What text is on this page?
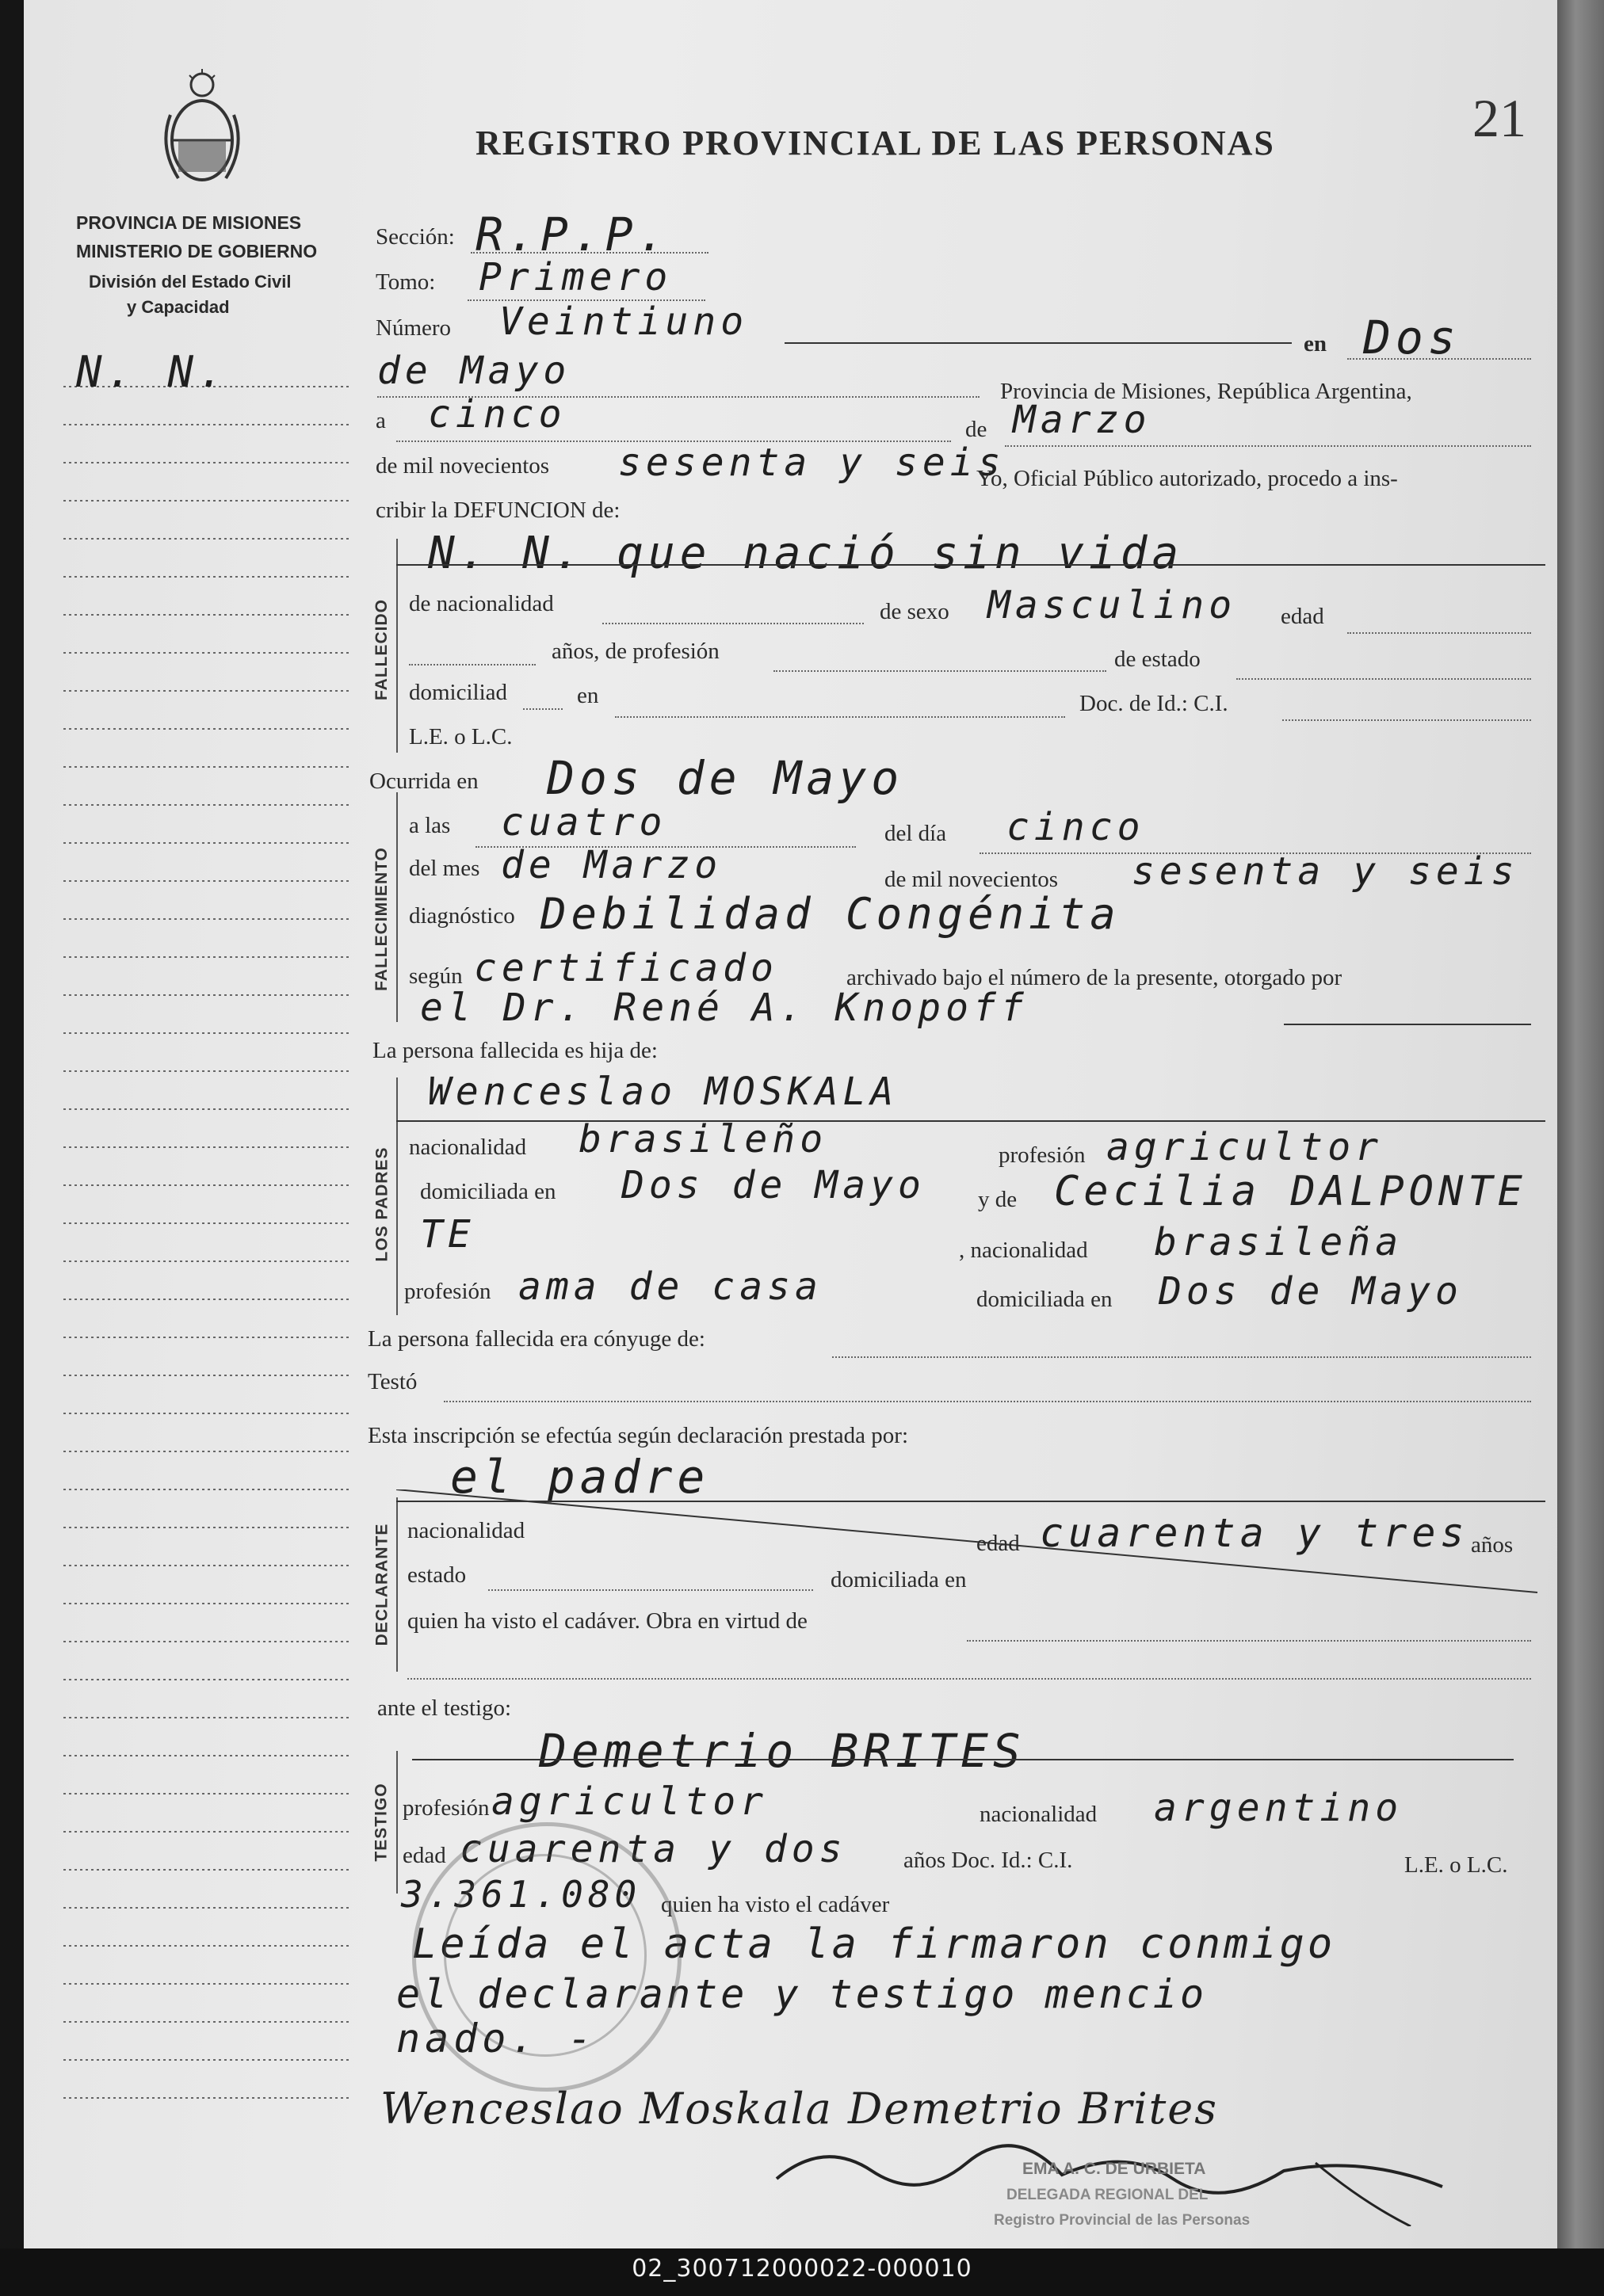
21
REGISTRO PROVINCIAL DE LAS PERSONAS
PROVINCIA DE MISIONES
MINISTERIO DE GOBIERNO
División del Estado Civil
y Capacidad
N. N.
Sección: R.P.P.
Tomo: Primero
Número Veintiuno	en Dos
de Mayo	Provincia de Misiones, República Argentina,
a cinco	de Marzo
de mil novecientos sesenta y seis
Yo, Oficial Público autorizado, procedo a ins-
cribir la DEFUNCION de:
FALLECIDO
N. N. que nació sin vida
de nacionalidad	de sexo Masculino edad
años, de profesión	de estado
domiciliad	en	Doc. de Id.: C.I.
L.E. o L.C.
Ocurrida en Dos de Mayo
FALLECIMIENTO
a las cuatro	del día cinco
del mes de Marzo	de mil novecientos sesenta y seis
diagnóstico Debilidad Congénita
según certificado	archivado bajo el número de la presente, otorgado por
el Dr. René A. Knopoff
La persona fallecida es hija de:
LOS PADRES
Wenceslao MOSKALA
nacionalidad brasileño	profesión agricultor
domiciliada en Dos de Mayo y de Cecilia DALPONTE
TE	, nacionalidad brasileña
profesión ama de casa	domiciliada en Dos de Mayo
La persona fallecida era cónyuge de:
Testó
Esta inscripción se efectúa según declaración prestada por:
DECLARANTE
el padre
nacionalidad	edad cuarenta y tres años
estado	domiciliada en
quien ha visto el cadáver. Obra en virtud de
ante el testigo:
TESTIGO
Demetrio BRITES
profesión agricultor	nacionalidad argentino
edad cuarenta y dos años Doc. Id.: C.I.	L.E. o L.C.
3.361.080 quien ha visto el cadáver
Leída el acta la firmaron conmigo
el declarante y testigo mencio
nado. -
Wenceslao Moskala Demetrio Brites
EMA A. C. DE URBIETA
DELEGADA REGIONAL DEL
Registro Provincial de las Personas
02_300712000022-000010
